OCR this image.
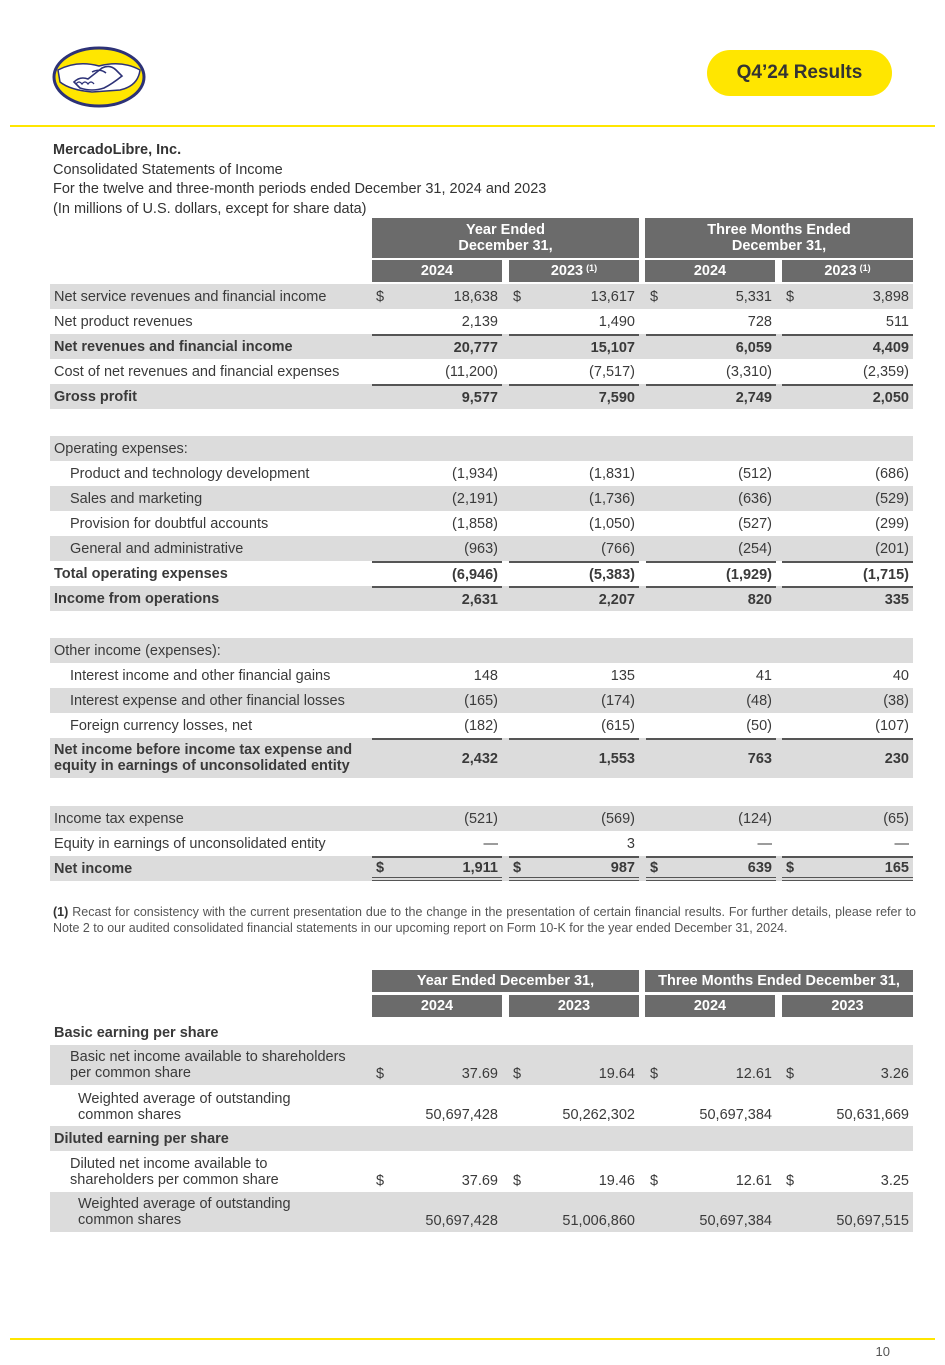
Q4’24 Results
MercadoLibre, Inc.
Consolidated Statements of Income
For the twelve and three-month periods ended December 31, 2024 and 2023
(In millions of U.S. dollars, except for share data)
Year Ended
December 31,
Three Months Ended
December 31,
2024	2023 $^{(1)}$	2024	2023 $^{(1)}$
Net service revenues and financial income	$	18,638 $	13,617 $	5,331 $	3,898
Net product revenues	2,139	1,490	728	511
Net revenues and financial income	20,777	15,107	6,059	4,409
Cost of net revenues and financial expenses	(11,200)	(7,517)	(3,310)	(2,359)
Gross profit	9,577	7,590	2,749	2,050
Operating expenses:
Product and technology development	(1,934)	(1,831)	(512)	(686)
Sales and marketing	(2,191)	(1,736)	(636)	(529)
Provision for doubtful accounts	(1,858)	(1,050)	(527)	(299)
General and administrative	(963)	(766)	(254)	(201)
Total operating expenses	(6,946)	(5,383)	(1,929)	(1,715)
Income from operations	2,631	2,207	820	335
Other income (expenses):
Interest income and other financial gains	148	135	41	40
Interest expense and other financial losses	(165)	(174)	(48)	(38)
Foreign currency losses, net	(182)	(615)	(50)	(107)
Net income before income tax expense and
equity in earnings of unconsolidated entity	2,432	1,553	763	230
Income tax expense	(521)	(569)	(124)	(65)
Equity in earnings of unconsolidated entity	—	3	—	—
Net income	$	1,911 $	987 $	639 $	165
(1) Recast for consistency with the current presentation due to the change in the presentation of certain financial results. For further details, please refer to Note 2 to our audited consolidated financial statements in our upcoming report on Form 10-K for the year ended December 31, 2024.
Year Ended December 31,	Three Months Ended December 31,
2024	2023	2024	2023
Basic earning per share
Basic net income available to shareholders
per common share	$	37.69 $	19.64 $	12.61 $	3.26
Weighted average of outstanding
common shares	50,697,428	50,262,302	50,697,384	50,631,669
Diluted earning per share
Diluted net income available to
shareholders per common share	$	37.69 $	19.46 $	12.61 $	3.25
Weighted average of outstanding
common shares	50,697,428	51,006,860	50,697,384	50,697,515
10
